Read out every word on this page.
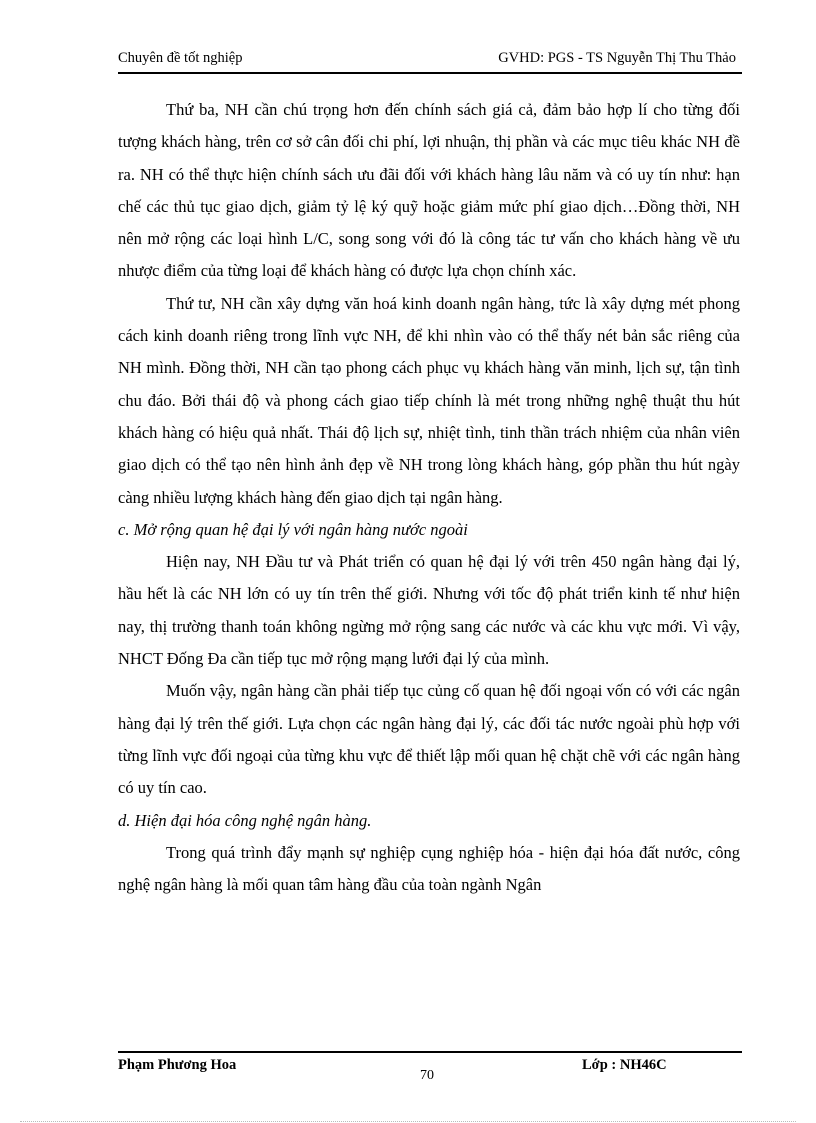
Chuyên đề tốt nghiệp	GVHD: PGS - TS Nguyễn Thị Thu Thảo

Thứ ba, NH cần chú trọng hơn đến chính sách giá cả, đảm bảo hợp lí cho từng đối tượng khách hàng, trên cơ sở cân đối chi phí, lợi nhuận, thị phần và các mục tiêu khác NH đề ra. NH có thể thực hiện chính sách ưu đãi đối với khách hàng lâu năm và có uy tín như: hạn chế các thủ tục giao dịch, giảm tỷ lệ ký quỹ hoặc giảm mức phí giao dịch…Đồng thời, NH nên mở rộng các loại hình L/C, song song với đó là công tác tư vấn cho khách hàng về ưu nhược điểm của từng loại để khách hàng có được lựa chọn chính xác.

Thứ tư, NH cần xây dựng văn hoá kinh doanh ngân hàng, tức là xây dựng mét phong cách kinh doanh riêng trong lĩnh vực NH, để khi nhìn vào có thể thấy nét bản sắc riêng của NH mình. Đồng thời, NH cần tạo phong cách phục vụ khách hàng văn minh, lịch sự, tận tình chu đáo. Bởi thái độ và phong cách giao tiếp chính là mét trong những nghệ thuật thu hút khách hàng có hiệu quả nhất. Thái độ lịch sự, nhiệt tình, tinh thần trách nhiệm của nhân viên giao dịch có thể tạo nên hình ảnh đẹp về NH trong lòng khách hàng, góp phần thu hút ngày càng nhiều lượng khách hàng đến giao dịch tại ngân hàng.

c. Mở rộng quan hệ đại lý với ngân hàng nước ngoài

Hiện nay, NH Đầu tư và Phát triển có quan hệ đại lý với trên 450 ngân hàng đại lý, hầu hết là các NH lớn có uy tín trên thế giới. Nhưng với tốc độ phát triển kinh tế như hiện nay, thị trường thanh toán không ngừng mở rộng sang các nước và các khu vực mới. Vì vậy, NHCT Đống Đa cần tiếp tục mở rộng mạng lưới đại lý của mình.

Muốn vậy, ngân hàng cần phải tiếp tục củng cố quan hệ đối ngoại vốn có với các ngân hàng đại lý trên thế giới. Lựa chọn các ngân hàng đại lý, các đối tác nước ngoài phù hợp với từng lĩnh vực đối ngoại của từng khu vực để thiết lập mối quan hệ chặt chẽ với các ngân hàng có uy tín cao.

d. Hiện đại hóa công nghệ ngân hàng.

Trong quá trình đẩy mạnh sự nghiệp cụng nghiệp hóa - hiện đại hóa đất nước, công nghệ ngân hàng là mối quan tâm hàng đầu của toàn ngành Ngân

Phạm Phương Hoa	Lớp : NH46C
70
